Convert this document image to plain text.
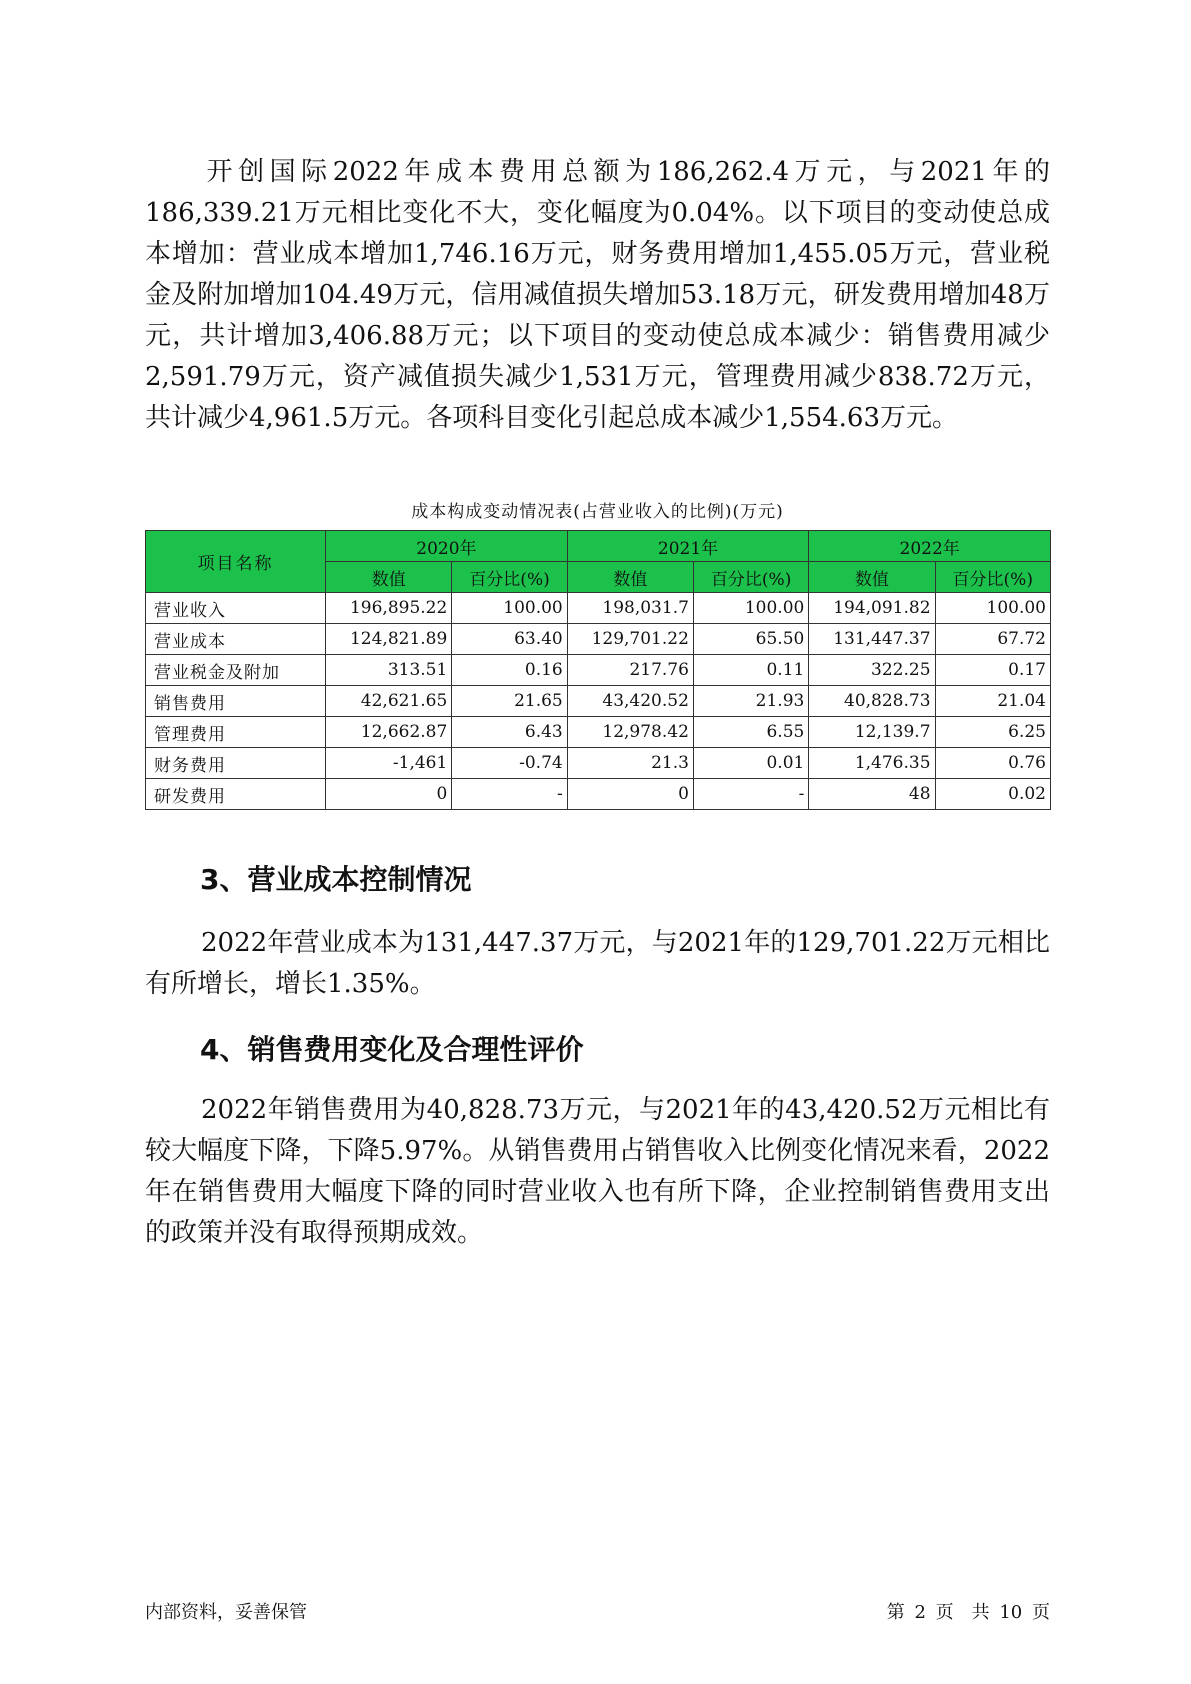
开创国际2022年成本费用总额为186,262.4万元，与2021年的186,339.21万元相比变化不大，变化幅度为0.04%。以下项目的变动使总成本增加：营业成本增加1,746.16万元，财务费用增加1,455.05万元，营业税金及附加增加104.49万元，信用减值损失增加53.18万元，研发费用增加48万元，共计增加3,406.88万元；以下项目的变动使总成本减少：销售费用减少2,591.79万元，资产减值损失减少1,531万元，管理费用减少838.72万元，共计减少4,961.5万元。各项科目变化引起总成本减少1,554.63万元。

成本构成变动情况表(占营业收入的比例)(万元)
项目名称	2020年		2021年		2022年	
	数值	百分比(%)	数值	百分比(%)	数值	百分比(%)
营业收入	196,895.22	100.00	198,031.7	100.00	194,091.82	100.00
营业成本	124,821.89	63.40	129,701.22	65.50	131,447.37	67.72
营业税金及附加	313.51	0.16	217.76	0.11	322.25	0.17
销售费用	42,621.65	21.65	43,420.52	21.93	40,828.73	21.04
管理费用	12,662.87	6.43	12,978.42	6.55	12,139.7	6.25
财务费用	-1,461	-0.74	21.3	0.01	1,476.35	0.76
研发费用	0	-	0	-	48	0.02
3、营业成本控制情况

2022年营业成本为131,447.37万元，与2021年的129,701.22万元相比有所增长，增长1.35%。

4、销售费用变化及合理性评价

2022年销售费用为40,828.73万元，与2021年的43,420.52万元相比有较大幅度下降，下降5.97%。从销售费用占销售收入比例变化情况来看，2022年在销售费用大幅度下降的同时营业收入也有所下降，企业控制销售费用支出的政策并没有取得预期成效。

内部资料，妥善保管	第 2 页　共 10 页
